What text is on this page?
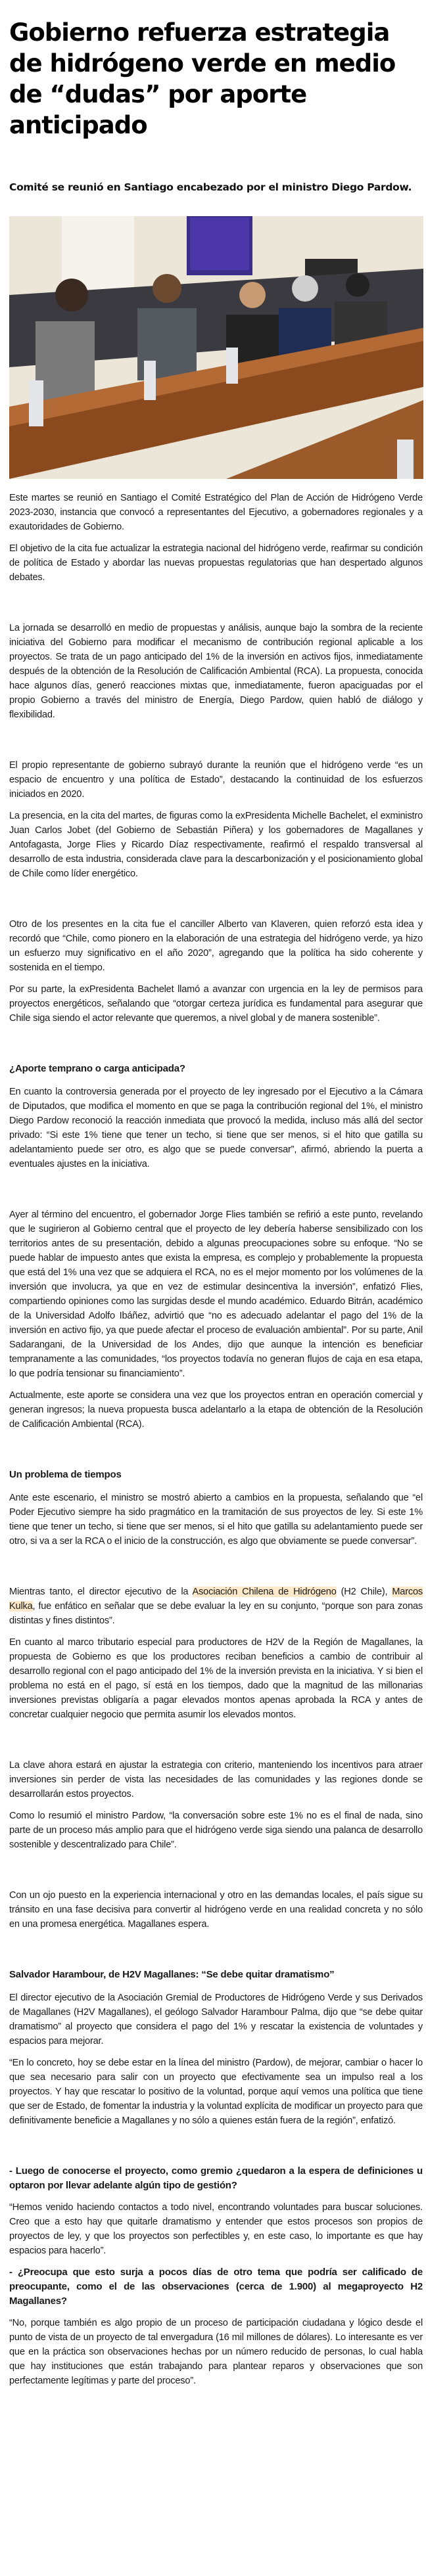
Gobierno refuerza estrategia de hidrógeno verde en medio de “dudas” por aporte anticipado
Comité se reunió en Santiago encabezado por el ministro Diego Pardow.

Este martes se reunió en Santiago el Comité Estratégico del Plan de Acción de Hidrógeno Verde 2023-2030, instancia que convocó a representantes del Ejecutivo, a gobernadores regionales y a exautoridades de Gobierno.

El objetivo de la cita fue actualizar la estrategia nacional del hidrógeno verde, reafirmar su condición de política de Estado y abordar las nuevas propuestas regulatorias que han despertado algunos debates.

La jornada se desarrolló en medio de propuestas y análisis, aunque bajo la sombra de la reciente iniciativa del Gobierno para modificar el mecanismo de contribución regional aplicable a los proyectos. Se trata de un pago anticipado del 1% de la inversión en activos fijos, inmediatamente después de la obtención de la Resolución de Calificación Ambiental (RCA). La propuesta, conocida hace algunos días, generó reacciones mixtas que, inmediatamente, fueron apaciguadas por el propio Gobierno a través del ministro de Energía, Diego Pardow, quien habló de diálogo y flexibilidad.

El propio representante de gobierno subrayó durante la reunión que el hidrógeno verde “es un espacio de encuentro y una política de Estado”, destacando la continuidad de los esfuerzos iniciados en 2020.

La presencia, en la cita del martes, de figuras como la exPresidenta Michelle Bachelet, el exministro Juan Carlos Jobet (del Gobierno de Sebastián Piñera) y los gobernadores de Magallanes y Antofagasta, Jorge Flies y Ricardo Díaz respectivamente, reafirmó el respaldo transversal al desarrollo de esta industria, considerada clave para la descarbonización y el posicionamiento global de Chile como líder energético.

Otro de los presentes en la cita fue el canciller Alberto van Klaveren, quien reforzó esta idea y recordó que “Chile, como pionero en la elaboración de una estrategia del hidrógeno verde, ya hizo un esfuerzo muy significativo en el año 2020”, agregando que la política ha sido coherente y sostenida en el tiempo.

Por su parte, la exPresidenta Bachelet llamó a avanzar con urgencia en la ley de permisos para proyectos energéticos, señalando que “otorgar certeza jurídica es fundamental para asegurar que Chile siga siendo el actor relevante que queremos, a nivel global y de manera sostenible”.

¿Aporte temprano o carga anticipada?

En cuanto la controversia generada por el proyecto de ley ingresado por el Ejecutivo a la Cámara de Diputados, que modifica el momento en que se paga la contribución regional del 1%, el ministro Diego Pardow reconoció la reacción inmediata que provocó la medida, incluso más allá del sector privado: “Si este 1% tiene que tener un techo, si tiene que ser menos, si el hito que gatilla su adelantamiento puede ser otro, es algo que se puede conversar”, afirmó, abriendo la puerta a eventuales ajustes en la iniciativa.

Ayer al término del encuentro, el gobernador Jorge Flies también se refirió a este punto, revelando que le sugirieron al Gobierno central que el proyecto de ley debería haberse sensibilizado con los territorios antes de su presentación, debido a algunas preocupaciones sobre su enfoque. “No se puede hablar de impuesto antes que exista la empresa, es complejo y probablemente la propuesta que está del 1% una vez que se adquiera el RCA, no es el mejor momento por los volúmenes de la inversión que involucra, ya que en vez de estimular desincentiva la inversión”, enfatizó Flies, compartiendo opiniones como las surgidas desde el mundo académico. Eduardo Bitrán, académico de la Universidad Adolfo Ibáñez, advirtió que “no es adecuado adelantar el pago del 1% de la inversión en activo fijo, ya que puede afectar el proceso de evaluación ambiental”. Por su parte, Anil Sadarangani, de la Universidad de los Andes, dijo que aunque la intención es beneficiar tempranamente a las comunidades, “los proyectos todavía no generan flujos de caja en esa etapa, lo que podría tensionar su financiamiento”.

Actualmente, este aporte se considera una vez que los proyectos entran en operación comercial y generan ingresos; la nueva propuesta busca adelantarlo a la etapa de obtención de la Resolución de Calificación Ambiental (RCA).

Un problema de tiempos

Ante este escenario, el ministro se mostró abierto a cambios en la propuesta, señalando que “el Poder Ejecutivo siempre ha sido pragmático en la tramitación de sus proyectos de ley. Si este 1% tiene que tener un techo, si tiene que ser menos, si el hito que gatilla su adelantamiento puede ser otro, si va a ser la RCA o el inicio de la construcción, es algo que obviamente se puede conversar”.

Mientras tanto, el director ejecutivo de la Asociación Chilena de Hidrógeno (H2 Chile), Marcos Kulka, fue enfático en señalar que se debe evaluar la ley en su conjunto, “porque son para zonas distintas y fines distintos”.

En cuanto al marco tributario especial para productores de H2V de la Región de Magallanes, la propuesta de Gobierno es que los productores reciban beneficios a cambio de contribuir al desarrollo regional con el pago anticipado del 1% de la inversión prevista en la iniciativa. Y si bien el problema no está en el pago, sí está en los tiempos, dado que la magnitud de las millonarias inversiones previstas obligaría a pagar elevados montos apenas aprobada la RCA y antes de concretar cualquier negocio que permita asumir los elevados montos.

La clave ahora estará en ajustar la estrategia con criterio, manteniendo los incentivos para atraer inversiones sin perder de vista las necesidades de las comunidades y las regiones donde se desarrollarán estos proyectos.

Como lo resumió el ministro Pardow, “la conversación sobre este 1% no es el final de nada, sino parte de un proceso más amplio para que el hidrógeno verde siga siendo una palanca de desarrollo sostenible y descentralizado para Chile”.

Con un ojo puesto en la experiencia internacional y otro en las demandas locales, el país sigue su tránsito en una fase decisiva para convertir al hidrógeno verde en una realidad concreta y no sólo en una promesa energética. Magallanes espera.

Salvador Harambour, de H2V Magallanes: “Se debe quitar dramatismo”

El director ejecutivo de la Asociación Gremial de Productores de Hidrógeno Verde y sus Derivados de Magallanes (H2V Magallanes), el geólogo Salvador Harambour Palma, dijo que “se debe quitar dramatismo” al proyecto que considera el pago del 1% y rescatar la existencia de voluntades y espacios para mejorar.

“En lo concreto, hoy se debe estar en la línea del ministro (Pardow), de mejorar, cambiar o hacer lo que sea necesario para salir con un proyecto que efectivamente sea un impulso real a los proyectos. Y hay que rescatar lo positivo de la voluntad, porque aquí vemos una política que tiene que ser de Estado, de fomentar la industria y la voluntad explícita de modificar un proyecto para que definitivamente beneficie a Magallanes y no sólo a quienes están fuera de la región”, enfatizó.

- Luego de conocerse el proyecto, como gremio ¿quedaron a la espera de definiciones u optaron por llevar adelante algún tipo de gestión?

“Hemos venido haciendo contactos a todo nivel, encontrando voluntades para buscar soluciones. Creo que a esto hay que quitarle dramatismo y entender que estos procesos son propios de proyectos de ley, y que los proyectos son perfectibles y, en este caso, lo importante es que hay espacios para hacerlo”.

- ¿Preocupa que esto surja a pocos días de otro tema que podría ser calificado de preocupante, como el de las observaciones (cerca de 1.900) al megaproyecto H2 Magallanes?

“No, porque también es algo propio de un proceso de participación ciudadana y lógico desde el punto de vista de un proyecto de tal envergadura (16 mil millones de dólares). Lo interesante es ver que en la práctica son observaciones hechas por un número reducido de personas, lo cual habla que hay instituciones que están trabajando para plantear reparos y observaciones que son perfectamente legítimas y parte del proceso”.
